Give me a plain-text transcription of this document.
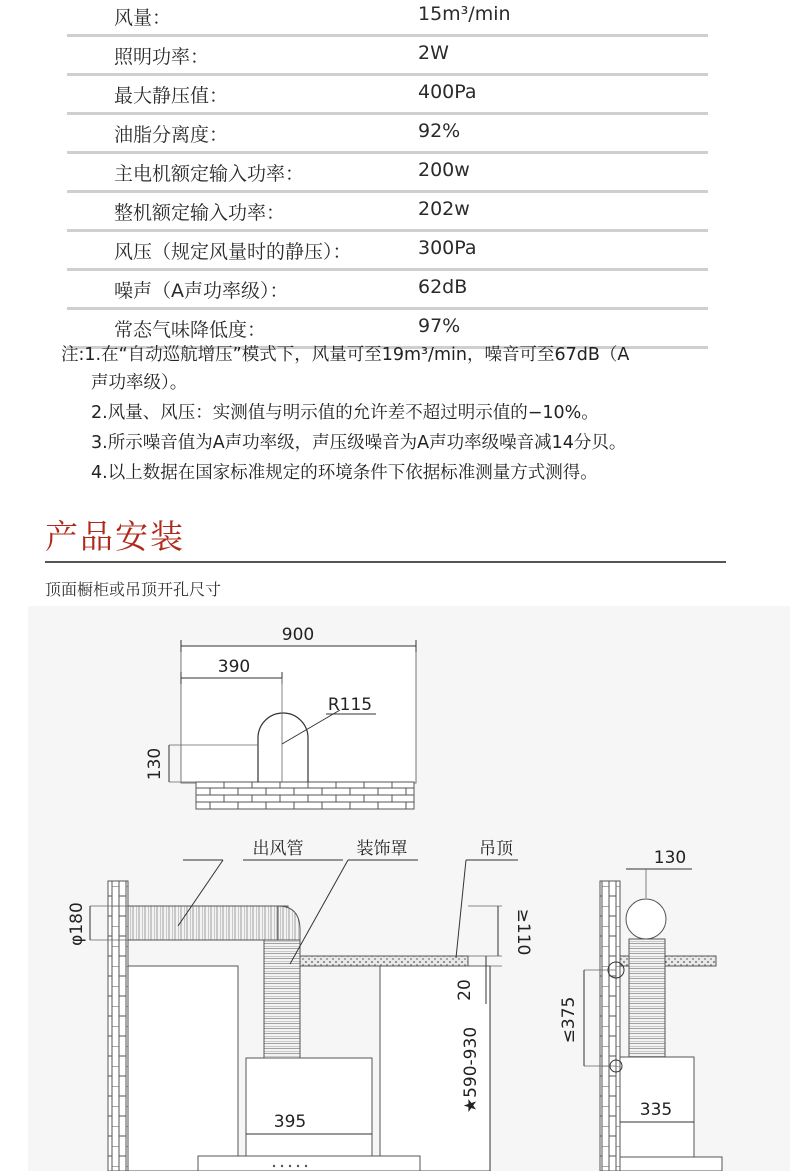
风量：	15m³/min
照明功率：	2W
最大静压值：	400Pa
油脂分离度：	92%
主电机额定输入功率：	200w
整机额定输入功率：	202w
风压（规定风量时的静压）：	300Pa
噪声（A声功率级）：	62dB
常态气味降低度：	97%
注:1.在“自动巡航增压”模式下，风量可至19m³/min，噪音可至67dB（A
声功率级）。
2.风量、风压：实测值与明示值的允许差不超过明示值的−10%。
3.所示噪音值为A声功率级，声压级噪音为A声功率级噪音减14分贝。
4.以上数据在国家标准规定的环境条件下依据标准测量方式测得。
产品安装
顶面橱柜或吊顶开孔尺寸
900
390
R115
130
出风管	装饰罩	吊顶
φ180	≥110
20
★590-930
395
130
≤375
335
